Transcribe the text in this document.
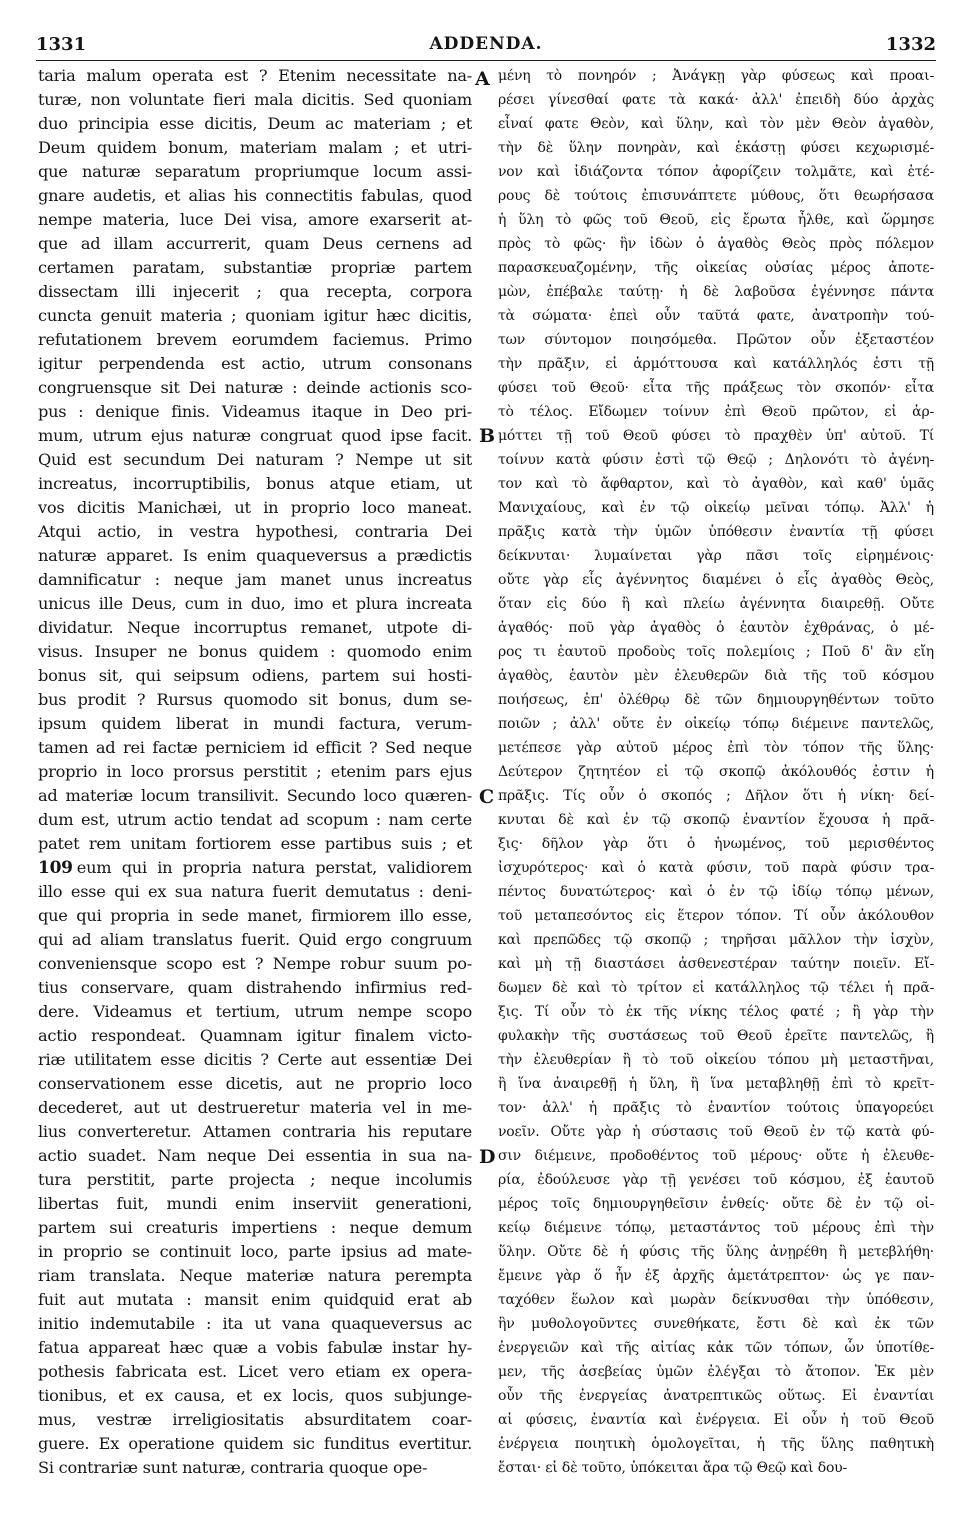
1331	ADDENDA.	1332
taria malum operata est ? Etenim necessitate na-
turæ, non voluntate fieri mala dicitis. Sed quoniam
duo principia esse dicitis, Deum ac materiam ; et
Deum quidem bonum, materiam malam ; et utri-
que naturæ separatum propriumque locum assi-
gnare audetis, et alias his connectitis fabulas, quod
nempe materia, luce Dei visa, amore exarserit at-
que ad illam accurrerit, quam Deus cernens ad
certamen paratam, substantiæ propriæ partem
dissectam illi injecerit ; qua recepta, corpora
cuncta genuit materia ; quoniam igitur hæc dicitis,
refutationem brevem eorumdem faciemus. Primo
igitur perpendenda est actio, utrum consonans
congruensque sit Dei naturæ : deinde actionis sco-
pus : denique finis. Videamus itaque in Deo pri-
mum, utrum ejus naturæ congruat quod ipse facit.
Quid est secundum Dei naturam ? Nempe ut sit
increatus, incorruptibilis, bonus atque etiam, ut
vos dicitis Manichæi, ut in proprio loco maneat.
Atqui actio, in vestra hypothesi, contraria Dei
naturæ apparet. Is enim quaqueversus a prædictis
damnificatur : neque jam manet unus increatus
unicus ille Deus, cum in duo, imo et plura increata
dividatur. Neque incorruptus remanet, utpote di-
visus. Insuper ne bonus quidem : quomodo enim
bonus sit, qui seipsum odiens, partem sui hosti-
bus prodit ? Rursus quomodo sit bonus, dum se-
ipsum quidem liberat in mundi factura, verum-
tamen ad rei factæ perniciem id efficit ? Sed neque
proprio in loco prorsus perstitit ; etenim pars ejus
ad materiæ locum transilivit. Secundo loco quæren-
dum est, utrum actio tendat ad scopum : nam certe
patet rem unitam fortiorem esse partibus suis ; et
109 eum qui in propria natura perstat, validiorem
illo esse qui ex sua natura fuerit demutatus : deni-
que qui propria in sede manet, firmiorem illo esse,
qui ad aliam translatus fuerit. Quid ergo congruum
conveniensque scopo est ? Nempe robur suum po-
tius conservare, quam distrahendo infirmius red-
dere. Videamus et tertium, utrum nempe scopo
actio respondeat. Quamnam igitur finalem victo-
riæ utilitatem esse dicitis ? Certe aut essentiæ Dei
conservationem esse dicetis, aut ne proprio loco
decederet, aut ut destrueretur materia vel in me-
lius converteretur. Attamen contraria his reputare
actio suadet. Nam neque Dei essentia in sua na-
tura perstitit, parte projecta ; neque incolumis
libertas fuit, mundi enim inserviit generationi,
partem sui creaturis impertiens : neque demum
in proprio se continuit loco, parte ipsius ad mate-
riam translata. Neque materiæ natura perempta
fuit aut mutata : mansit enim quidquid erat ab
initio indemutabile : ita ut vana quaqueversus ac
fatua appareat hæc quæ a vobis fabulæ instar hy-
pothesis fabricata est. Licet vero etiam ex opera-
tionibus, et ex causa, et ex locis, quos subjunge-
mus, vestræ irreligiositatis absurditatem coar-
guere. Ex operatione quidem sic funditus evertitur.
Si contrariæ sunt naturæ, contraria quoque ope-
μένη τὸ πονηρόν ; Ἀνάγκῃ γὰρ φύσεως καὶ προαι-
ρέσει γίνεσθαί φατε τὰ κακά· ἀλλ' ἐπειδὴ δύο ἀρχὰς
εἶναί φατε Θεὸν, καὶ ὕλην, καὶ τὸν μὲν Θεὸν ἀγαθὸν,
τὴν δὲ ὕλην πονηρὰν, καὶ ἑκάστῃ φύσει κεχωρισμέ-
νον καὶ ἰδιάζοντα τόπον ἀφορίζειν τολμᾶτε, καὶ ἑτέ-
ρους δὲ τούτοις ἐπισυνάπτετε μύθους, ὅτι θεωρήσασα
ἡ ὕλη τὸ φῶς τοῦ Θεοῦ, εἰς ἔρωτα ἦλθε, καὶ ὥρμησε
πρὸς τὸ φῶς· ἣν ἰδὼν ὁ ἀγαθὸς Θεὸς πρὸς πόλεμον
παρασκευαζομένην, τῆς οἰκείας οὐσίας μέρος ἀποτε-
μὼν, ἐπέβαλε ταύτῃ· ἡ δὲ λαβοῦσα ἐγέννησε πάντα
τὰ σώματα· ἐπεὶ οὖν ταῦτά φατε, ἀνατροπὴν τού-
των σύντομον ποιησόμεθα. Πρῶτον οὖν ἐξεταστέον
τὴν πρᾶξιν, εἰ ἁρμόττουσα καὶ κατάλληλός ἐστι τῇ
φύσει τοῦ Θεοῦ· εἶτα τῆς πράξεως τὸν σκοπόν· εἶτα
τὸ τέλος. Εἴδωμεν τοίνυν ἐπὶ Θεοῦ πρῶτον, εἰ ἁρ-
μόττει τῇ τοῦ Θεοῦ φύσει τὸ πραχθὲν ὑπ' αὐτοῦ. Τί
τοίνυν κατὰ φύσιν ἐστὶ τῷ Θεῷ ; Δηλονότι τὸ ἀγένη-
τον καὶ τὸ ἄφθαρτον, καὶ τὸ ἀγαθὸν, καὶ καθ' ὑμᾶς
Μανιχαίους, καὶ ἐν τῷ οἰκείῳ μεῖναι τόπῳ. Ἀλλ' ἡ
πρᾶξις κατὰ τὴν ὑμῶν ὑπόθεσιν ἐναντία τῇ φύσει
δείκνυται· λυμαίνεται γὰρ πᾶσι τοῖς εἰρημένοις·
οὔτε γὰρ εἷς ἀγέννητος διαμένει ὁ εἷς ἀγαθὸς Θεὸς,
ὅταν εἰς δύο ἢ καὶ πλείω ἀγέννητα διαιρεθῇ. Οὔτε
ἀγαθός· ποῦ γὰρ ἀγαθὸς ὁ ἑαυτὸν ἐχθράνας, ὁ μέ-
ρος τι ἑαυτοῦ προδοὺς τοῖς πολεμίοις ; Ποῦ δ' ἂν εἴη
ἀγαθὸς, ἑαυτὸν μὲν ἐλευθερῶν διὰ τῆς τοῦ κόσμου
ποιήσεως, ἐπ' ὀλέθρῳ δὲ τῶν δημιουργηθέντων τοῦτο
ποιῶν ; ἀλλ' οὔτε ἐν οἰκείῳ τόπῳ διέμεινε παντελῶς,
μετέπεσε γὰρ αὐτοῦ μέρος ἐπὶ τὸν τόπον τῆς ὕλης·
Δεύτερον ζητητέον εἰ τῷ σκοπῷ ἀκόλουθός ἐστιν ἡ
πρᾶξις. Τίς οὖν ὁ σκοπός ; Δῆλον ὅτι ἡ νίκη· δεί-
κνυται δὲ καὶ ἐν τῷ σκοπῷ ἐναντίον ἔχουσα ἡ πρᾶ-
ξις· δῆλον γὰρ ὅτι ὁ ἡνωμένος, τοῦ μερισθέντος
ἰσχυρότερος· καὶ ὁ κατὰ φύσιν, τοῦ παρὰ φύσιν τρα-
πέντος δυνατώτερος· καὶ ὁ ἐν τῷ ἰδίῳ τόπῳ μένων,
τοῦ μεταπεσόντος εἰς ἕτερον τόπον. Τί οὖν ἀκόλουθον
καὶ πρεπῶδες τῷ σκοπῷ ; τηρῆσαι μᾶλλον τὴν ἰσχὺν,
καὶ μὴ τῇ διαστάσει ἀσθενεστέραν ταύτην ποιεῖν. Εἴ-
δωμεν δὲ καὶ τὸ τρίτον εἰ κατάλληλος τῷ τέλει ἡ πρᾶ-
ξις. Τί οὖν τὸ ἐκ τῆς νίκης τέλος φατέ ; ἢ γὰρ τὴν
φυλακὴν τῆς συστάσεως τοῦ Θεοῦ ἐρεῖτε παντελῶς, ἢ
τὴν ἐλευθερίαν ἢ τὸ τοῦ οἰκείου τόπου μὴ μεταστῆναι,
ἢ ἵνα ἀναιρεθῇ ἡ ὕλη, ἢ ἵνα μεταβληθῇ ἐπὶ τὸ κρεῖτ-
τον· ἀλλ' ἡ πρᾶξις τὸ ἐναντίον τούτοις ὑπαγορεύει
νοεῖν. Οὔτε γὰρ ἡ σύστασις τοῦ Θεοῦ ἐν τῷ κατὰ φύ-
σιν διέμεινε, προδοθέντος τοῦ μέρους· οὔτε ἡ ἐλευθε-
ρία, ἐδούλευσε γὰρ τῇ γενέσει τοῦ κόσμου, ἐξ ἑαυτοῦ
μέρος τοῖς δημιουργηθεῖσιν ἐνθείς· οὔτε δὲ ἐν τῷ οἰ-
κείῳ διέμεινε τόπῳ, μεταστάντος τοῦ μέρους ἐπὶ τὴν
ὕλην. Οὔτε δὲ ἡ φύσις τῆς ὕλης ἀνῃρέθη ἢ μετεβλήθη·
ἔμεινε γὰρ ὅ ἦν ἐξ ἀρχῆς ἀμετάτρεπτον· ὡς γε παν-
ταχόθεν ἕωλον καὶ μωρὰν δείκνυσθαι τὴν ὑπόθεσιν,
ἣν μυθολογοῦντες συνεθήκατε, ἔστι δὲ καὶ ἐκ τῶν
ἐνεργειῶν καὶ τῆς αἰτίας κἀκ τῶν τόπων, ὧν ὑποτίθε-
μεν, τῆς ἀσεβείας ὑμῶν ἐλέγξαι τὸ ἄτοπον. Ἐκ μὲν
οὖν τῆς ἐνεργείας ἀνατρεπτικῶς οὕτως. Εἰ ἐναντίαι
αἱ φύσεις, ἐναντία καὶ ἐνέργεια. Εἰ οὖν ἡ τοῦ Θεοῦ
ἐνέργεια ποιητικὴ ὁμολογεῖται, ἡ τῆς ὕλης παθητικὴ
ἔσται· εἰ δὲ τοῦτο, ὑπόκειται ἄρα τῷ Θεῷ καὶ δου-
A
B
C
D
